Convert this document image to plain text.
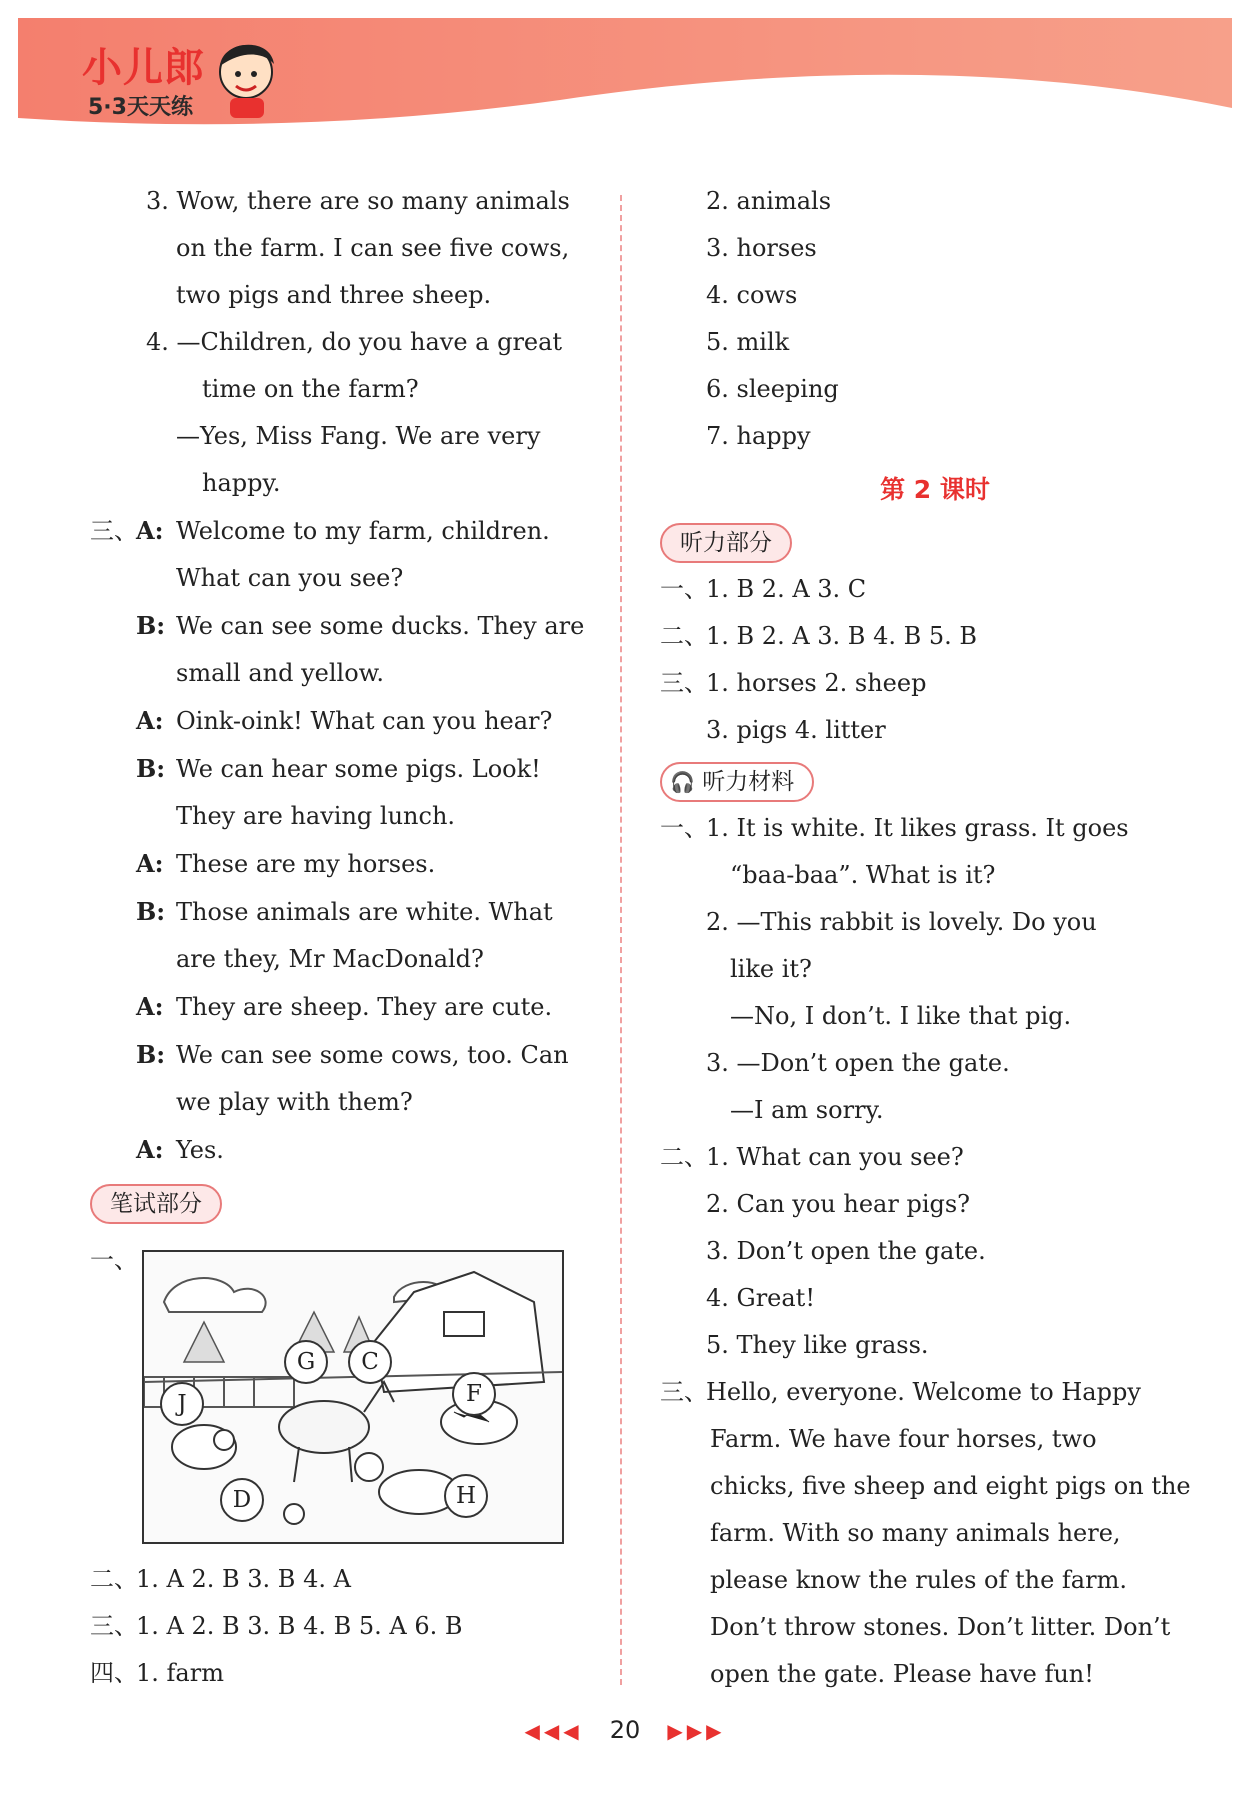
小儿郎
5·3天天练
3. Wow, there are so many animals
on the farm. I can see five cows,
two pigs and three sheep.
4. —Children, do you have a great
time on the farm?
—Yes, Miss Fang. We are very
happy.
三、A: Welcome to my farm, children.
What can you see?
B: We can see some ducks. They are
small and yellow.
A: Oink-oink! What can you hear?
B: We can hear some pigs. Look!
They are having lunch.
A: These are my horses.
B: Those animals are white. What
are they, Mr MacDonald?
A: They are sheep. They are cute.
B: We can see some cows, too. Can
we play with them?
A: Yes.
笔试部分
一、
G	C
F
J
D	H
二、1. A 2. B 3. B 4. A
三、1. A 2. B 3. B 4. B 5. A 6. B
四、1. farm
2. animals
3. horses
4. cows
5. milk
6. sleeping
7. happy
第 2 课时
听力部分
一、1. B 2. A 3. C
二、1. B 2. A 3. B 4. B 5. B
三、1. horses 2. sheep
3. pigs 4. litter
🎧 听力材料
一、1. It is white. It likes grass. It goes
“baa-baa”. What is it?
2. —This rabbit is lovely. Do you
like it?
—No, I don’t. I like that pig.
3. —Don’t open the gate.
—I am sorry.
二、1. What can you see?
2. Can you hear pigs?
3. Don’t open the gate.
4. Great!
5. They like grass.
三、Hello, everyone. Welcome to Happy
Farm. We have four horses, two
chicks, five sheep and eight pigs on the
farm. With so many animals here,
please know the rules of the farm.
Don’t throw stones. Don’t litter. Don’t
open the gate. Please have fun!
◀◀◀ 20 ▶▶▶
